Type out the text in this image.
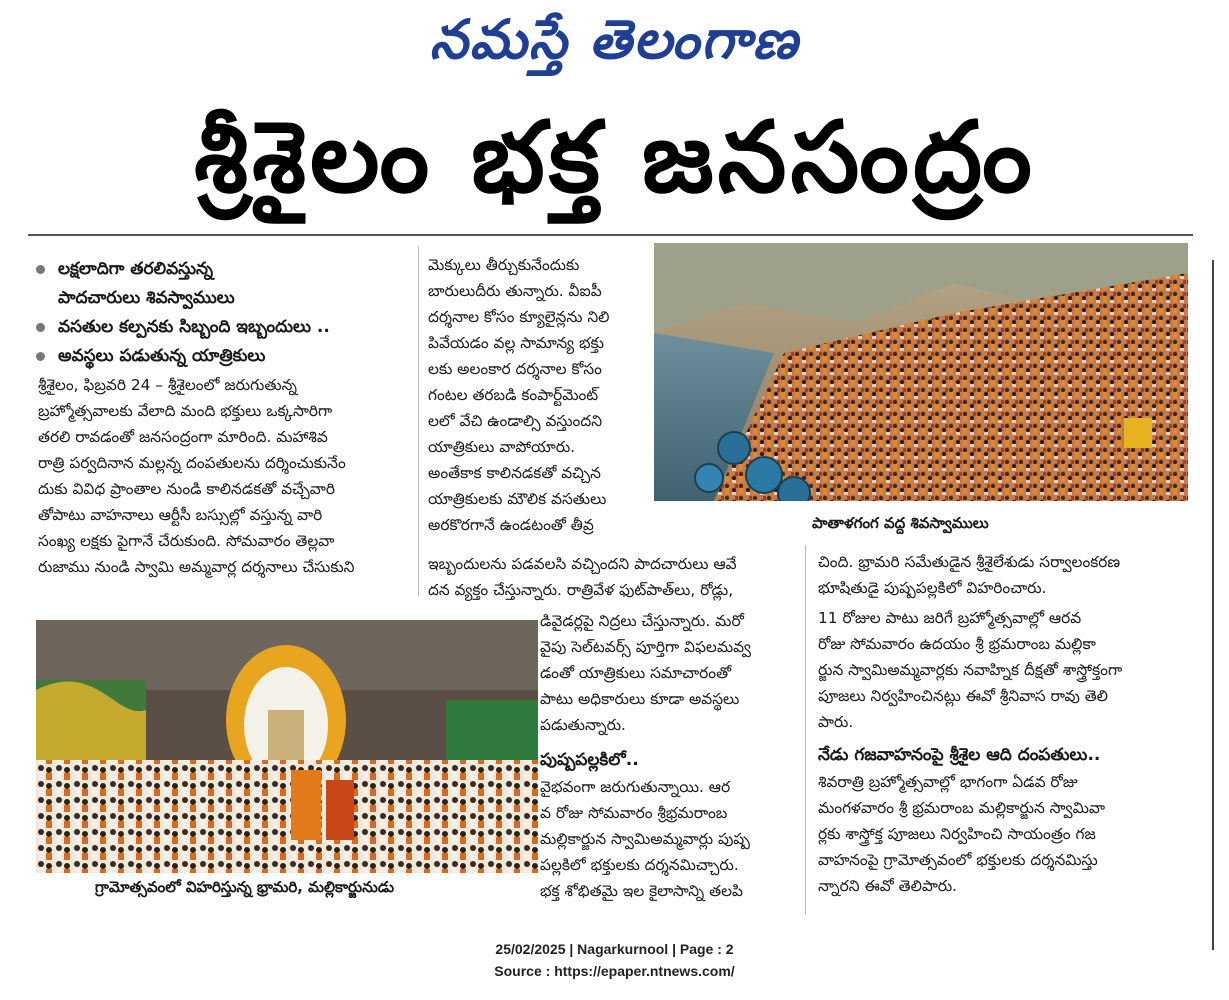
నమస్తే తెలంగాణ
శ్రీశైలం భక్త జనసంద్రం
లక్షలాదిగా తరలివస్తున్న
పాదచారులు శివస్వాములు
వసతుల కల్పనకు సిబ్బంది ఇబ్బందులు ..
అవస్థలు పడుతున్న యాత్రికులు
శ్రీశైలం, ఫిబ్రవరి 24 – శ్రీశైలంలో జరుగుతున్న
బ్రహ్మోత్సవాలకు వేలాది మంది భక్తులు ఒక్కసారిగా
తరలి రావడంతో జనసంద్రంగా మారింది. మహాశివ
రాత్రి పర్వదినాన మల్లన్న దంపతులను దర్శించుకునేం
దుకు వివిధ ప్రాంతాల నుండి కాలినడకతో వచ్చేవారి
తోపాటు వాహనాలు ఆర్టీసీ బస్సుల్లో వస్తున్న వారి
సంఖ్య లక్షకు పైగానే చేరుకుంది. సోమవారం తెల్లవా
రుజాము నుండి స్వామి అమ్మవార్ల దర్శనాలు చేసుకుని
మెక్కులు తీర్చుకునేందుకు
బారులుదీరు తున్నారు. వీఐపీ
దర్శనాల కోసం క్యూలైన్లను నిలి
పివేయడం వల్ల సామాన్య భక్తు
లకు అలంకార దర్శనాల కోసం
గంటల తరబడి కంపార్ట్‌మెంట్
లలో వేచి ఉండాల్సి వస్తుందని
యాత్రికులు వాపోయారు.
అంతేకాక కాలినడకతో వచ్చిన
యాత్రికులకు మౌలిక వసతులు
అరకొరగానే ఉండటంతో తీవ్ర
ఇబ్బందులను పడవలసి వచ్చిందని పాదచారులు ఆవే
దన వ్యక్తం చేస్తున్నారు. రాత్రివేళ ఫుట్‌పాత్‌లు, రోడ్లు,
డివైడర్లపై నిద్రలు చేస్తున్నారు. మరో
వైపు సెల్‌టవర్స్ పూర్తిగా విఫలమవ్వ
డంతో యాత్రికులు సమాచారంతో
పాటు అధికారులు కూడా అవస్థలు
పడుతున్నారు.
పుష్పపల్లకిలో..
వైభవంగా జరుగుతున్నాయి. ఆర
వ రోజు సోమవారం శ్రీభ్రమరాంబ
మల్లికార్జున స్వామిఅమ్మవార్లు పుష్ప
పల్లకిలో భక్తులకు దర్శనమిచ్చారు.
భక్త శోభితమై ఇల కైలాసాన్ని తలపి
చింది. భ్రామరి సమేతుడైన శ్రీశైలేశుడు సర్వాలంకరణ
భూషితుడై పుష్పపల్లకిలో విహరించారు.
11 రోజుల పాటు జరిగే బ్రహ్మోత్సవాల్లో ఆరవ
రోజు సోమవారం ఉదయం శ్రీ భ్రమరాంబ మల్లికా
ర్జున స్వామిఅమ్మవార్లకు నవాహ్నిక దీక్షతో శాస్త్రోక్తంగా
పూజలు నిర్వహించినట్లు ఈవో శ్రీనివాస రావు తెలి
పారు.
నేడు గజవాహనంపై శ్రీశైల ఆది దంపతులు..
శివరాత్రి బ్రహ్మోత్సవాల్లో భాగంగా ఏడవ రోజు
మంగళవారం శ్రీ భ్రమరాంబ మల్లికార్జున స్వామివా
ర్లకు శాస్త్రోక్త పూజలు నిర్వహించి సాయంత్రం గజ
వాహనంపై గ్రామోత్సవంలో భక్తులకు దర్శనమిస్తు
న్నారని ఈవో తెలిపారు.
పాతాళగంగ వద్ద శివస్వాములు
గ్రామోత్సవంలో విహరిస్తున్న భ్రామరి, మల్లికార్జునుడు
25/02/2025 | Nagarkurnool | Page : 2
Source : https://epaper.ntnews.com/
